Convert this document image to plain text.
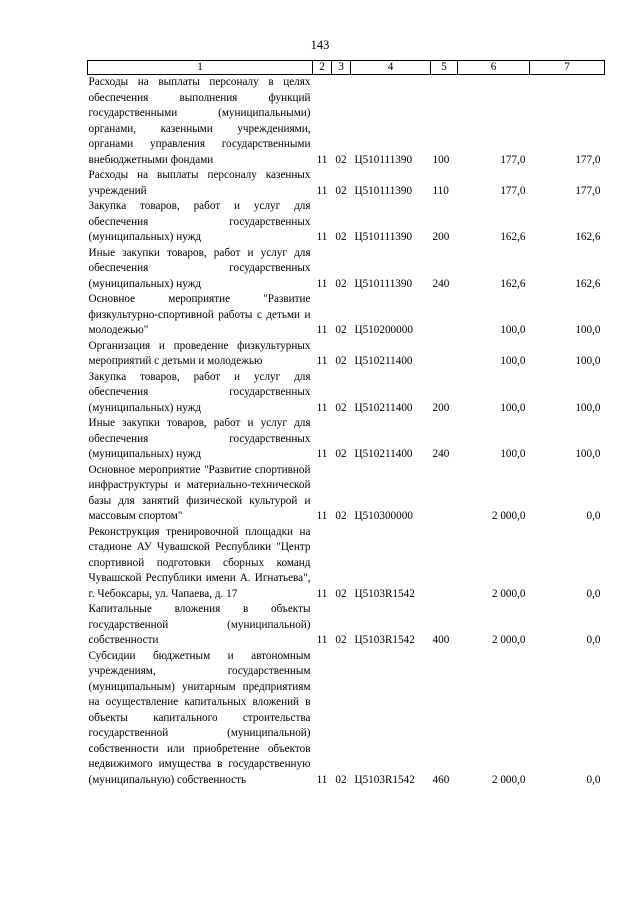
143
1	2	3	4	5	6	7
Расходы на выплаты персоналу в целях обеспечения выполнения функций государственными (муниципальными) органами, казенными учреждениями, органами управления государственными внебюджетными фондами	11	02	Ц510111390	100	177,0	177,0
Расходы на выплаты персоналу казенных учреждений	11	02	Ц510111390	110	177,0	177,0
Закупка товаров, работ и услуг для обеспечения государственных (муниципальных) нужд	11	02	Ц510111390	200	162,6	162,6
Иные закупки товаров, работ и услуг для обеспечения государственных (муниципальных) нужд	11	02	Ц510111390	240	162,6	162,6
Основное мероприятие "Развитие физкультурно-спортивной работы с детьми и молодежью"	11	02	Ц510200000		100,0	100,0
Организация и проведение физкультурных мероприятий с детьми и молодежью	11	02	Ц510211400		100,0	100,0
Закупка товаров, работ и услуг для обеспечения государственных (муниципальных) нужд	11	02	Ц510211400	200	100,0	100,0
Иные закупки товаров, работ и услуг для обеспечения государственных (муниципальных) нужд	11	02	Ц510211400	240	100,0	100,0
Основное мероприятие "Развитие спортивной инфраструктуры и материально-технической базы для занятий физической культурой и массовым спортом"	11	02	Ц510300000		2 000,0	0,0
Реконструкция тренировочной площадки на стадионе АУ Чувашской Республики "Центр спортивной подготовки сборных команд Чувашской Республики имени А. Игнатьева", г. Чебоксары, ул. Чапаева, д. 17	11	02	Ц5103R1542		2 000,0	0,0
Капитальные вложения в объекты государственной (муниципальной) собственности	11	02	Ц5103R1542	400	2 000,0	0,0
Субсидии бюджетным и автономным учреждениям, государственным (муниципальным) унитарным предприятиям на осуществление капитальных вложений в объекты капитального строительства государственной (муниципальной) собственности или приобретение объектов недвижимого имущества в государственную (муниципальную) собственность	11	02	Ц5103R1542	460	2 000,0	0,0
